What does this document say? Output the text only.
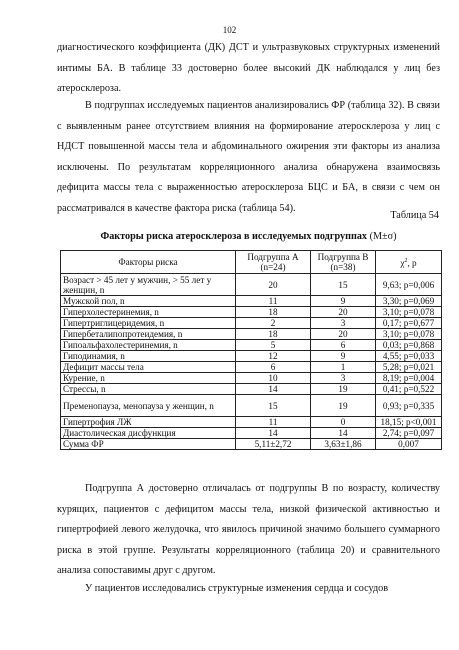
102

диагностического коэффициента (ДК) ДСТ и ультразвуковых структурных изменений интимы БА. В таблице 33 достоверно более высокий ДК наблюдался у лиц без атеросклероза.

В подгруппах исследуемых пациентов анализировались ФР (таблица 32). В связи с выявленным ранее отсутствием влияния на формирование атеросклероза у лиц с НДСТ повышенной массы тела и абдоминального ожирения эти факторы из анализа исключены. По результатам корреляционного анализа обнаружена взаимосвязь дефицита массы тела с выраженностью атеросклероза БЦС и БА, в связи с чем он рассматривался в качестве фактора риска (таблица 54).

Таблица 54
Факторы риска атеросклероза в исследуемых подгруппах (M±σ)
Факторы риска	Подгруппа А (n=24)	Подгруппа В (n=38)	$\chi^2$, p
Возраст > 45 лет у мужчин, > 55 лет у женщин, n	20	15	9,63; p=0,006
Мужской пол, n	11	9	3,30; p=0,069
Гиперхолестеринемия, n	18	20	3,10; p=0,078
Гипертриглицеридемия, n	2	3	0,17; p=0,677
Гипербеталипопротеидемия, n	18	20	3,10; p=0,078
Гипоальфахолестеринемия, n	5	6	0,03; p=0,868
Гиподинамия, n	12	9	4,55; p=0,033
Дефицит массы тела	6	1	5,28; p=0,021
Курение, n	10	3	8,19; p=0,004
Стрессы, n	14	19	0,41; p=0,522
Пременопауза, менопауза у женщин, n	15	19	0,93; p=0,335
Гипертрофия ЛЖ	11	0	18,15; p<0,001
Диастолическая дисфункция	14	14	2,74; p=0,097
Сумма ФР	5,11±2,72	3,63±1,86	0,007

Подгруппа А достоверно отличалась от подгруппы В по возрасту, количеству курящих, пациентов с дефицитом массы тела, низкой физической активностью и гипертрофией левого желудочка, что явилось причиной значимо большего суммарного риска в этой группе. Результаты корреляционного (таблица 20) и сравнительного анализа сопоставимы друг с другом.

У пациентов исследовались структурные изменения сердца и сосудов
